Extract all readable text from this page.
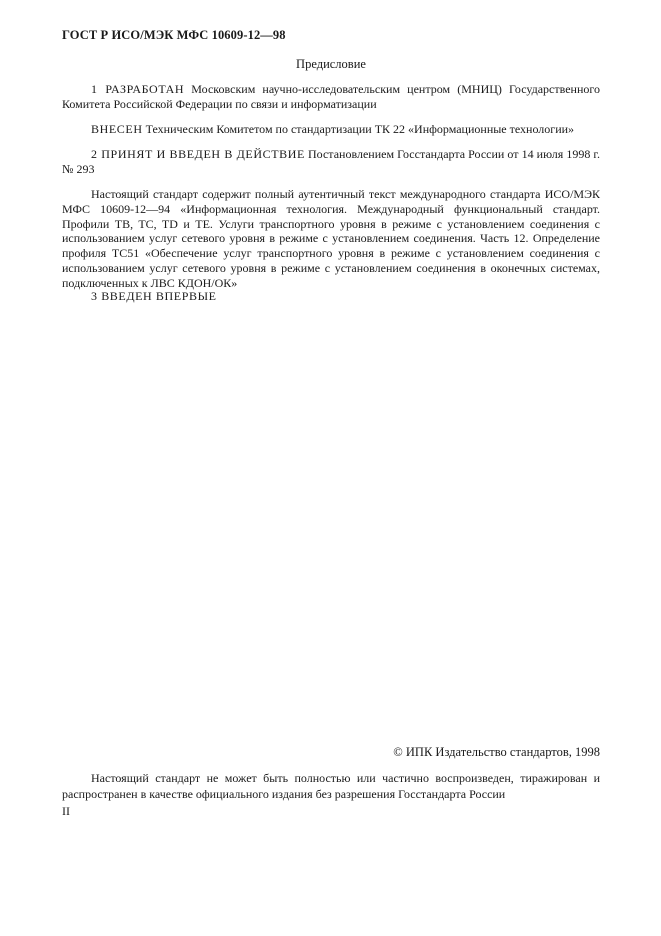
ГОСТ Р ИСО/МЭК МФС 10609-12—98
Предисловие
1 РАЗРАБОТАН Московским научно-исследовательским центром (МНИЦ) Государственного Комитета Российской Федерации по связи и информатизации
ВНЕСЕН Техническим Комитетом по стандартизации ТК 22 «Информационные технологии»
2 ПРИНЯТ И ВВЕДЕН В ДЕЙСТВИЕ Постановлением Госстандарта России от 14 июля 1998 г. № 293
Настоящий стандарт содержит полный аутентичный текст международного стандарта ИСО/МЭК МФС 10609-12—94 «Информационная технология. Международный функциональный стандарт. Профили TB, TC, TD и ТЕ. Услуги транспортного уровня в режиме с установлением соединения с использованием услуг сетевого уровня в режиме с установлением соединения. Часть 12. Определение профиля TC51 «Обеспечение услуг транспортного уровня в режиме с установлением соединения с использованием услуг сетевого уровня в режиме с установлением соединения в оконечных системах, подключенных к ЛВС КДОН/ОК»
3 ВВЕДЕН ВПЕРВЫЕ
© ИПК Издательство стандартов, 1998
Настоящий стандарт не может быть полностью или частично воспроизведен, тиражирован и распространен в качестве официального издания без разрешения Госстандарта России
II
